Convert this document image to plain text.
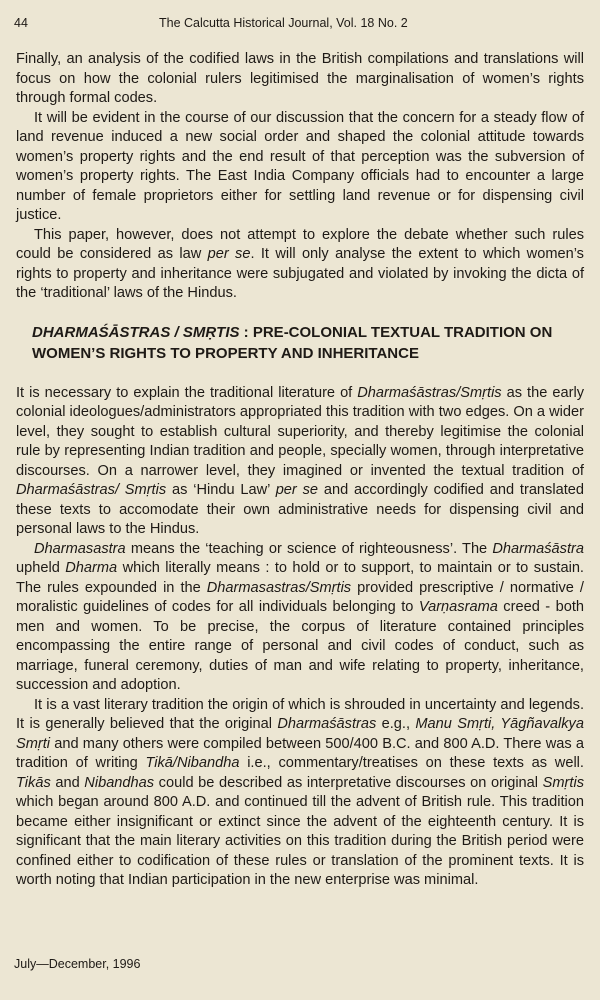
44	The Calcutta Historical Journal, Vol. 18 No. 2

Finally, an analysis of the codified laws in the British compilations and translations will focus on how the colonial rulers legitimised the marginalisation of women’s rights through formal codes.

It will be evident in the course of our discussion that the concern for a steady flow of land revenue induced a new social order and shaped the colonial attitude towards women’s property rights and the end result of that perception was the subversion of women’s property rights. The East India Company officials had to encounter a large number of female proprietors either for settling land revenue or for dispensing civil justice.

This paper, however, does not attempt to explore the debate whether such rules could be considered as law per se. It will only analyse the extent to which women’s rights to property and inheritance were subjugated and violated by invoking the dicta of the ‘traditional’ laws of the Hindus.

DHARMAŚĀSTRAS / SMṚTIS : PRE-COLONIAL TEXTUAL TRADITION ON WOMEN’S RIGHTS TO PROPERTY AND INHERITANCE

It is necessary to explain the traditional literature of Dharmaśāstras/Smṛtis as the early colonial ideologues/administrators appropriated this tradition with two edges. On a wider level, they sought to establish cultural superiority, and thereby legitimise the colonial rule by representing Indian tradition and people, specially women, through interpretative discourses. On a narrower level, they imagined or invented the textual tradition of Dharmaśāstras/ Smṛtis as ‘Hindu Law’ per se and accordingly codified and translated these texts to accomodate their own administrative needs for dispensing civil and personal laws to the Hindus.

Dharmasastra means the ‘teaching or science of righteousness’. The Dharmaśāstra upheld Dharma which literally means : to hold or to support, to maintain or to sustain. The rules expounded in the Dharmasastras/Smṛtis provided prescriptive / normative / moralistic guidelines of codes for all individuals belonging to Varṇasrama creed - both men and women. To be precise, the corpus of literature contained principles encompassing the entire range of personal and civil codes of conduct, such as marriage, funeral ceremony, duties of man and wife relating to property, inheritance, succession and adoption.

It is a vast literary tradition the origin of which is shrouded in uncertainty and legends. It is generally believed that the original Dharmaśāstras e.g., Manu Smṛti, Yāgñavalkya Smṛti and many others were compiled between 500/400 B.C. and 800 A.D. There was a tradition of writing Tikā/Nibandha i.e., commentary/treatises on these texts as well. Tikās and Nibandhas could be described as interpretative discourses on original Smṛtis which began around 800 A.D. and continued till the advent of British rule. This tradition became either insignificant or extinct since the advent of the eighteenth century. It is significant that the main literary activities on this tradition during the British period were confined either to codification of these rules or translation of the prominent texts. It is worth noting that Indian participation in the new enterprise was minimal.

July—December, 1996
